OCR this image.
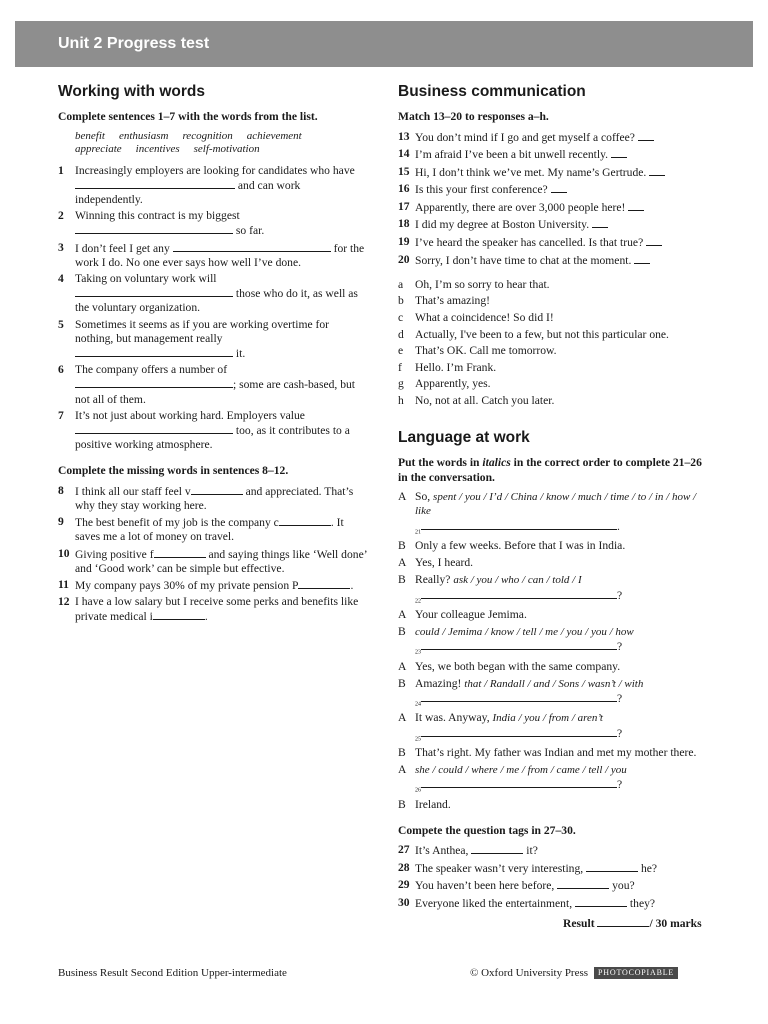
Unit 2 Progress test
Working with words
Complete sentences 1–7 with the words from the list.
benefit enthusiasm recognition achievement
appreciate incentives self-motivation
1 Increasingly employers are looking for candidates who have  and can work independently.
2 Winning this contract is my biggest
so far.
3 I don’t feel I get any	for the work I do. No one ever says how well I’ve done.
4 Taking on voluntary work will
those who do it, as well as the voluntary organization.
5 Sometimes it seems as if you are working overtime for nothing, but management really
it.
6 The company offers a number of
; some are cash-based, but not all of them.
7 It’s not just about working hard. Employers value
too, as it contributes to a positive working atmosphere.
Complete the missing words in sentences 8–12.
8 I think all our staff feel v	and appreciated. That’s why they stay working here.
9 The best benefit of my job is the company c	. It saves me a lot of money on travel.
10 Giving positive f	and saying things like ‘Well done’ and ‘Good work’ can be simple but effective.
11 My company pays 30% of my private pension P	.
12 I have a low salary but I receive some perks and benefits like private medical i	.
Business communication
Match 13–20 to responses a–h.
13 You don’t mind if I go and get myself a coffee?
14 I’m afraid I’ve been a bit unwell recently.
15 Hi, I don’t think we’ve met. My name’s Gertrude.
16 Is this your first conference?
17 Apparently, there are over 3,000 people here!
18 I did my degree at Boston University.
19 I’ve heard the speaker has cancelled. Is that true?
20 Sorry, I don’t have time to chat at the moment.
a	Oh, I’m so sorry to hear that.
b That’s amazing!
c	What a coincidence! So did I!
d Actually, I've been to a few, but not this particular one.
e	That’s OK. Call me tomorrow.
f	Hello. I’m Frank.
g Apparently, yes.
h No, not at all. Catch you later.
Language at work
Put the words in italics in the correct order to complete 21–26 in the conversation.
A So, spent / you / I’d / China / know / much / time / to / in / how / like
$_{21}$	.
B Only a few weeks. Before that I was in India.
A Yes, I heard.
B Really? ask / you / who / can / told / I
$_{22}$	?
A Your colleague Jemima.
B could / Jemima / know / tell / me / you / you / how
$_{23}$	?
A Yes, we both began with the same company.
B Amazing! that / Randall / and / Sons / wasn’t / with
$_{24}$	?
A It was. Anyway, India / you / from / aren’t
$_{25}$	?
B That’s right. My father was Indian and met my mother there.
A she / could / where / me / from / came / tell / you
$_{26}$	?
B Ireland.
Compete the question tags in 27–30.
27 It’s Anthea,	it?
28 The speaker wasn’t very interesting,	he?
29 You haven’t been here before,	you?
30 Everyone liked the entertainment,	they?
Result	/ 30 marks
Business Result Second Edition Upper-intermediate	© Oxford University Press	PHOTOCOPIABLE
